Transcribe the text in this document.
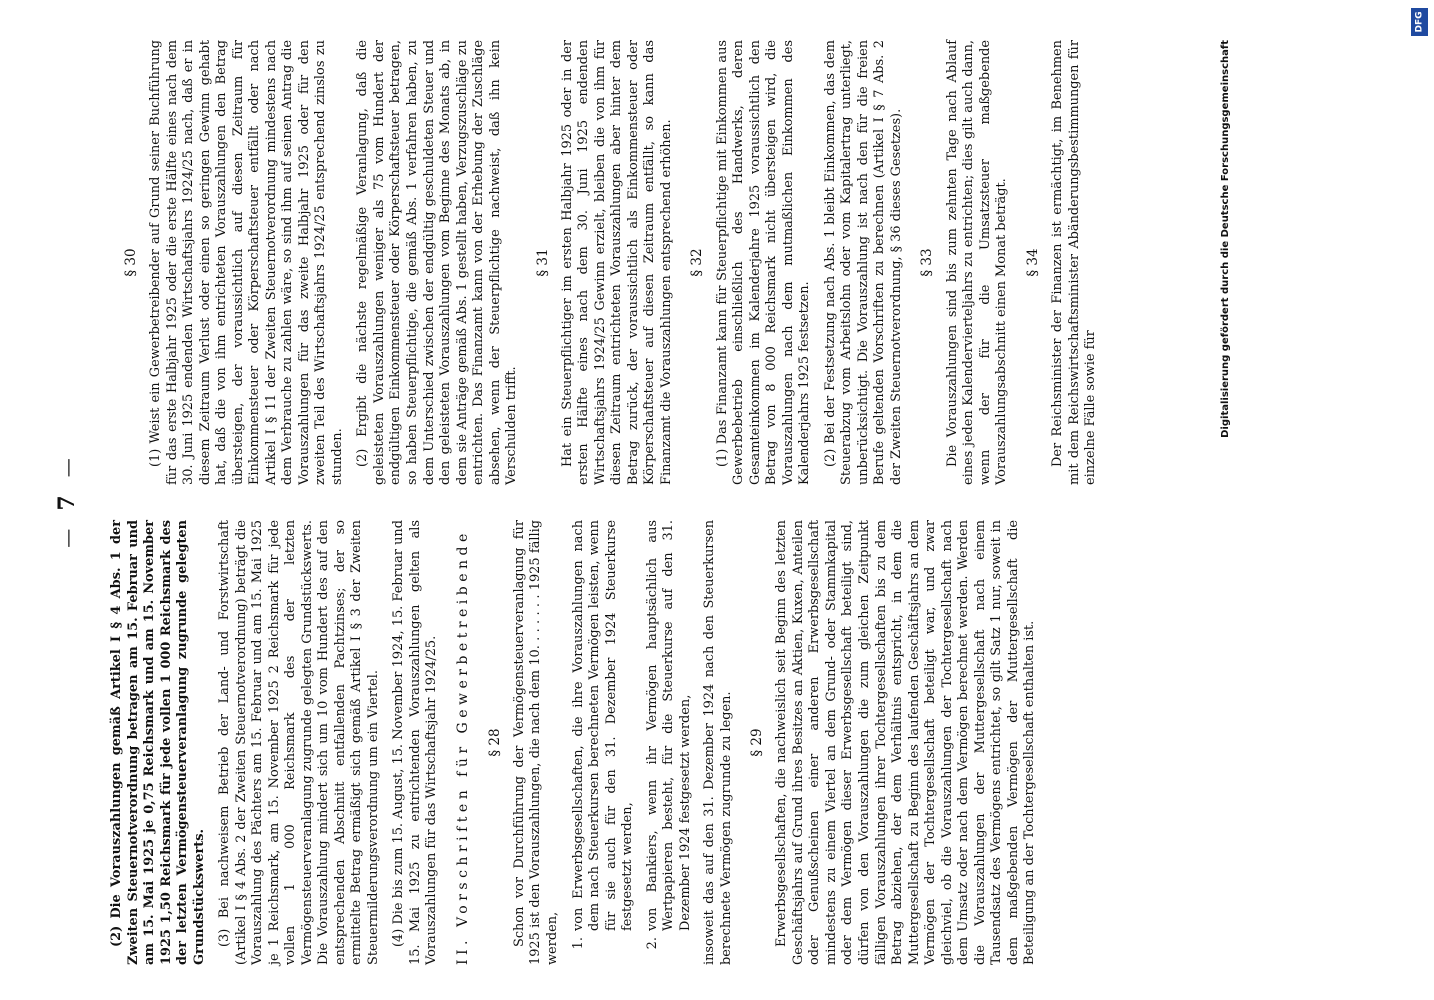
— 7 —

(2) Die Vorauszahlungen gemäß Artikel I § 4 Abs. 1 der Zweiten Steuernotverordnung betragen am 15. Februar und am 15. Mai 1925 je 0,75 Reichsmark und am 15. November 1925 1,50 Reichsmark für jede vollen 1 000 Reichsmark des der letzten Vermögensteuerveranlagung zugrunde gelegten Grundstückswerts. (3) Bei nachweisem Betrieb der Land- und Forstwirtschaft (Artikel I § 4 Abs. 2 der Zweiten Steuernotverordnung) beträgt die Vorauszahlung des Pächters am 15. Februar und am 15. Mai 1925 je 1 Reichsmark, am 15. November 1925 2 Reichsmark für jede vollen 1 000 Reichsmark des der letzten Vermögensteuerveranlagung zugrunde gelegten Grundstückswerts. Die Vorauszahlung mindert sich um 10 vom Hundert des auf den entsprechenden Abschnitt entfallenden Pachtzinses; der so ermittelte Betrag ermäßigt sich gemäß Artikel I § 3 der Zweiten Steuermilderungsverordnung um ein Viertel. (4) Die bis zum 15. August, 15. November 1924, 15. Februar und 15. Mai 1925 zu entrichtenden Vorauszahlungen gelten als Vorauszahlungen für das Wirtschaftsjahr 1924/25. II. Vorschriften für Gewerbetreibende § 28 Schon vor Durchführung der Vermögensteuerveranlagung für 1925 ist den Vorauszahlungen, die nach dem 10. . . . . . . 1925 fällig werden, 1.
von Erwerbsgesellschaften, die ihre Vorauszahlungen nach dem nach Steuerkursen berechneten Vermögen leisten, wenn für sie auch für den 31. Dezember 1924 Steuerkurse festgesetzt werden,
2.
von Bankiers, wenn ihr Vermögen hauptsächlich aus Wertpapieren besteht, für die Steuerkurse auf den 31. Dezember 1924 festgesetzt werden, insoweit das auf den 31. Dezember 1924 nach den Steuerkursen berechnete Vermögen zugrunde zu legen. § 29 Erwerbsgesellschaften, die nachweislich seit Beginn des letzten Geschäftsjahrs auf Grund ihres Besitzes an Aktien, Kuxen, Anteilen oder Genußscheinen einer anderen Erwerbsgesellschaft mindestens zu einem Viertel an dem Grund- oder Stammkapital oder dem Vermögen dieser Erwerbsgesellschaft beteiligt sind, dürfen von den Vorauszahlungen die zum gleichen Zeitpunkt fälligen Vorauszahlungen ihrer Tochtergesellschaften bis zu dem Betrag abziehen, der dem Verhältnis entspricht, in dem die Muttergesellschaft zu Beginn des laufenden Geschäftsjahrs an dem Vermögen der Tochtergesellschaft beteiligt war, und zwar gleichviel, ob die Vorauszahlungen der Tochtergesellschaft nach dem Umsatz oder nach dem Vermögen berechnet werden. Werden die Vorauszahlungen der Muttergesellschaft nach einem Tausendsatz des Vermögens entrichtet, so gilt Satz 1 nur, soweit in dem maßgebenden Vermögen der Muttergesellschaft die Beteiligung an der Tochtergesellschaft enthalten ist.

§ 30 (1) Weist ein Gewerbetreibender auf Grund seiner Buchführung für das erste Halbjahr 1925 oder die erste Hälfte eines nach dem 30. Juni 1925 endenden Wirtschaftsjahrs 1924/25 nach, daß er in diesem Zeitraum Verlust oder einen so geringen Gewinn gehabt hat, daß die von ihm entrichteten Vorauszahlungen den Betrag übersteigen, der voraussichtlich auf diesen Zeitraum für Einkommensteuer oder Körperschaftsteuer entfällt oder nach Artikel I § 11 der Zweiten Steuernotverordnung mindestens nach dem Verbrauche zu zahlen wäre, so sind ihm auf seinen Antrag die Vorauszahlungen für das zweite Halbjahr 1925 oder für den zweiten Teil des Wirtschaftsjahrs 1924/25 entsprechend zinslos zu stunden. (2) Ergibt die nächste regelmäßige Veranlagung, daß die geleisteten Vorauszahlungen weniger als 75 vom Hundert der endgültigen Einkommensteuer oder Körperschaftsteuer betragen, so haben Steuerpflichtige, die gemäß Abs. 1 verfahren haben, zu dem Unterschied zwischen der endgültig geschuldeten Steuer und den geleisteten Vorauszahlungen vom Beginne des Monats ab, in dem sie Anträge gemäß Abs. 1 gestellt haben, Verzugszuschläge zu entrichten. Das Finanzamt kann von der Erhebung der Zuschläge absehen, wenn der Steuerpflichtige nachweist, daß ihn kein Verschulden trifft.

§ 31 Hat ein Steuerpflichtiger im ersten Halbjahr 1925 oder in der ersten Hälfte eines nach dem 30. Juni 1925 endenden Wirtschaftsjahrs 1924/25 Gewinn erzielt, bleiben die von ihm für diesen Zeitraum entrichteten Vorauszahlungen aber hinter dem Betrag zurück, der voraussichtlich als Einkommensteuer oder Körperschaftsteuer auf diesen Zeitraum entfällt, so kann das Finanzamt die Vorauszahlungen entsprechend erhöhen. § 32 (1) Das Finanzamt kann für Steuerpflichtige mit Einkommen aus Gewerbebetrieb einschließlich des Handwerks, deren Gesamteinkommen im Kalenderjahre 1925 voraussichtlich den Betrag von 8 000 Reichsmark nicht übersteigen wird, die Vorauszahlungen nach dem mutmaßlichen Einkommen des Kalenderjahrs 1925 festsetzen. (2) Bei der Festsetzung nach Abs. 1 bleibt Einkommen, das dem Steuerabzug vom Arbeitslohn oder vom Kapitalertrag unterliegt, unberücksichtigt. Die Vorauszahlung ist nach den für die freien Berufe geltenden Vorschriften zu berechnen (Artikel I § 7 Abs. 2 der Zweiten Steuernotverordnung, § 36 dieses Gesetzes). § 33 Die Vorauszahlungen sind bis zum zehnten Tage nach Ablauf eines jeden Kalendervierteljahrs zu entrichten; dies gilt auch dann, wenn der für die Umsatzsteuer maßgebende Vorauszahlungsabschnitt einen Monat beträgt. § 34 Der Reichsminister der Finanzen ist ermächtigt, im Benehmen mit dem Reichswirtschaftsminister Abänderungsbestimmungen für einzelne Fälle sowie für

DFG
Digitalisierung gefördert durch die Deutsche Forschungsgemeinschaft
